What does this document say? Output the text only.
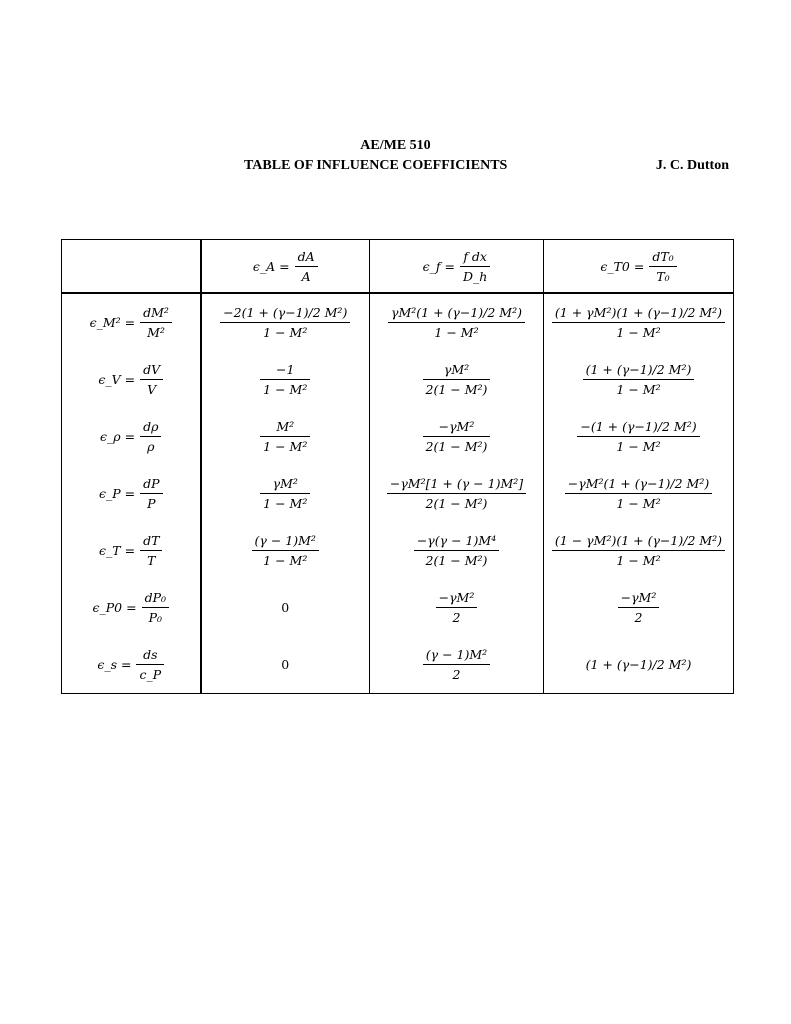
AE/ME 510
TABLE OF INFLUENCE COEFFICIENTS	J. C. Dutton

	ϵ_A = $\frac{dA}{A}$	ϵ_f = $\frac{\text{f dx}}{D\_h}$	ϵ_T0 = $\frac{\text{dT₀}}{\text{T₀}}$

ϵ_M² = $\frac{\text{dM²}}{\text{M²}}$	$\frac{\text{−2(1 + (γ−1)/2 M²)}}{\text{1 − M²}}$	$\frac{\text{γM²(1 + (γ−1)/2 M²)}}{\text{1 − M²}}$	$\frac{\text{(1 + γM²)(1 + (γ−1)/2 M²)}}{\text{1 − M²}}$

ϵ_V = $\frac{dV}{V}$	$\frac{-1}{\text{1 − M²}}$	$\frac{\text{γM²}}{\text{2(1 − M²)}}$	$\frac{\text{(1 + (γ−1)/2 M²)}}{\text{1 − M²}}$

ϵ_ρ = $\frac{d\rho}{\rho}$	$\frac{\text{M²}}{\text{1 − M²}}$	$\frac{\text{−γM²}}{\text{2(1 − M²)}}$	$\frac{\text{−(1 + (γ−1)/2 M²)}}{\text{1 − M²}}$

ϵ_P = $\frac{dP}{P}$	$\frac{\text{γM²}}{\text{1 − M²}}$	$\frac{\text{−γM²[1 + (γ − 1)M²]}}{\text{2(1 − M²)}}$	$\frac{\text{−γM²(1 + (γ−1)/2 M²)}}{\text{1 − M²}}$

ϵ_T = $\frac{dT}{T}$	$\frac{\text{(γ − 1)M²}}{\text{1 − M²}}$	$\frac{\text{−γ(γ − 1)M⁴}}{\text{2(1 − M²)}}$	$\frac{\text{(1 − γM²)(1 + (γ−1)/2 M²)}}{\text{1 − M²}}$

ϵ_P0 = $\frac{\text{dP₀}}{\text{P₀}}$	0	$\frac{\text{−γM²}}{2}$	$\frac{\text{−γM²}}{2}$

ϵ_s = $\frac{ds}{c\_P}$	0	$\frac{\text{(γ − 1)M²}}{2}$	(1 + (γ−1)/2 M²)
